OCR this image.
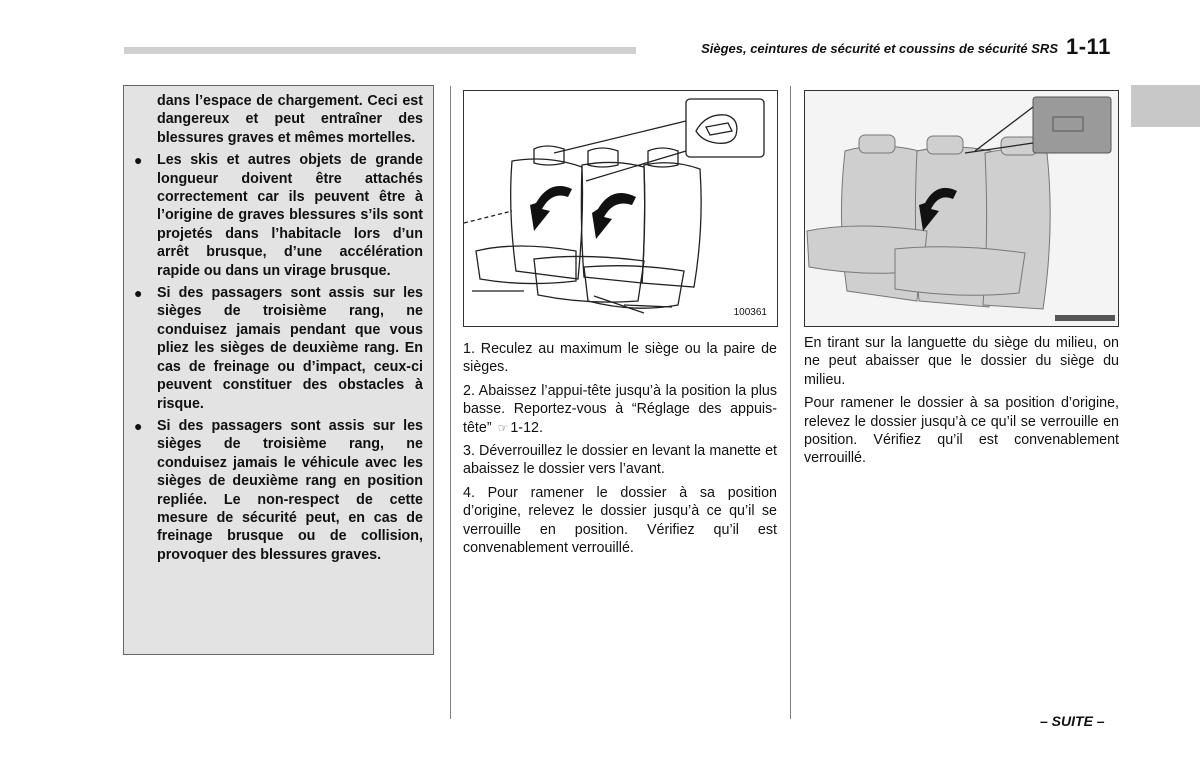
Sièges, ceintures de sécurité et coussins de sécurité SRS 1-11

dans l’espace de chargement. Ceci est dangereux et peut entraîner des blessures graves et mêmes mortelles.

● Les skis et autres objets de grande longueur doivent être attachés correctement car ils peuvent être à l’origine de graves blessures s’ils sont projetés dans l’habitacle lors d’un arrêt brusque, d’une accélération rapide ou dans un virage brusque.
● Si des passagers sont assis sur les sièges de troisième rang, ne conduisez jamais pendant que vous pliez les sièges de deuxième rang. En cas de freinage ou d’impact, ceux-ci peuvent constituer des obstacles à risque.
● Si des passagers sont assis sur les sièges de troisième rang, ne conduisez jamais le véhicule avec les sièges de deuxième rang en position repliée. Le non-respect de cette mesure de sécurité peut, en cas de freinage brusque ou de collision, provoquer des blessures graves.
100361

1. Reculez au maximum le siège ou la paire de sièges.

2. Abaissez l’appui-tête jusqu’à la position la plus basse. Reportez-vous à “Réglage des appuis-tête” ☞ 1-12.

3. Déverrouillez le dossier en levant la manette et abaissez le dossier vers l’avant.

4. Pour ramener le dossier à sa position d’origine, relevez le dossier jusqu’à ce qu’il se verrouille en position. Vérifiez qu’il est convenablement verrouillé.

En tirant sur la languette du siège du milieu, on ne peut abaisser que le dossier du siège du milieu.

Pour ramener le dossier à sa position d’origine, relevez le dossier jusqu’à ce qu’il se verrouille en position. Vérifiez qu’il est convenablement verrouillé.

– SUITE –
